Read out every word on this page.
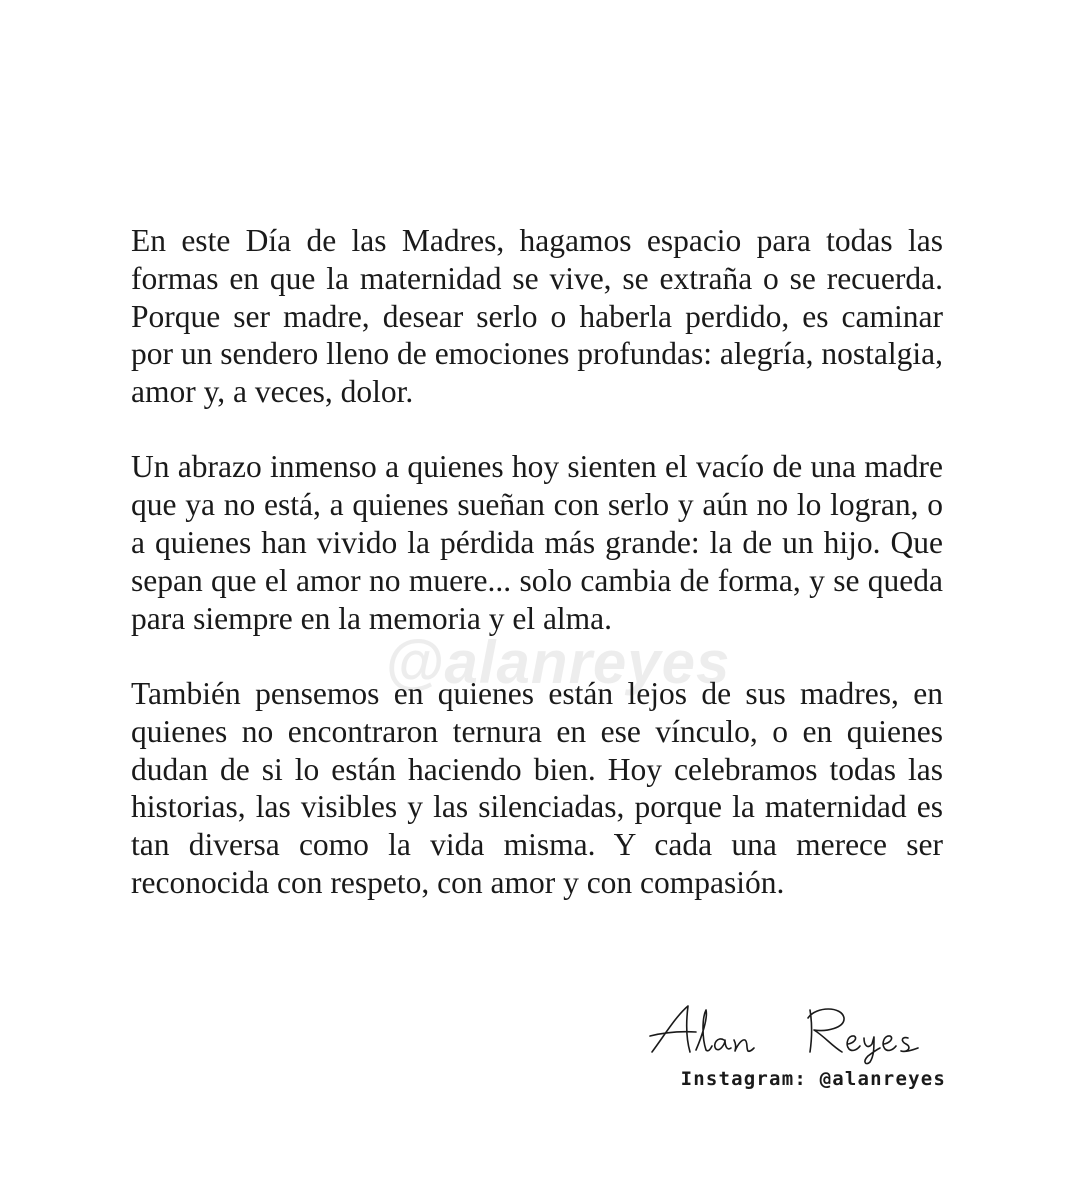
En este Día de las Madres, hagamos espacio para todas las formas en que la maternidad se vive, se extraña o se recuerda. Porque ser madre, desear serlo o haberla perdido, es caminar por un sendero lleno de emociones profundas: alegría, nostalgia, amor y, a veces, dolor.

Un abrazo inmenso a quienes hoy sienten el vacío de una madre que ya no está, a quienes sueñan con serlo y aún no lo logran, o a quienes han vivido la pérdida más grande: la de un hijo. Que sepan que el amor no muere... solo cambia de forma, y se queda para siempre en la memoria y el alma.

También pensemos en quienes están lejos de sus madres, en quienes no encontraron ternura en ese vínculo, o en quienes dudan de si lo están haciendo bien. Hoy celebramos todas las historias, las visibles y las silenciadas, porque la maternidad es tan diversa como la vida misma. Y cada una merece ser reconocida con respeto, con amor y con compasión.

@alanreyes
Instagram: @alanreyes
